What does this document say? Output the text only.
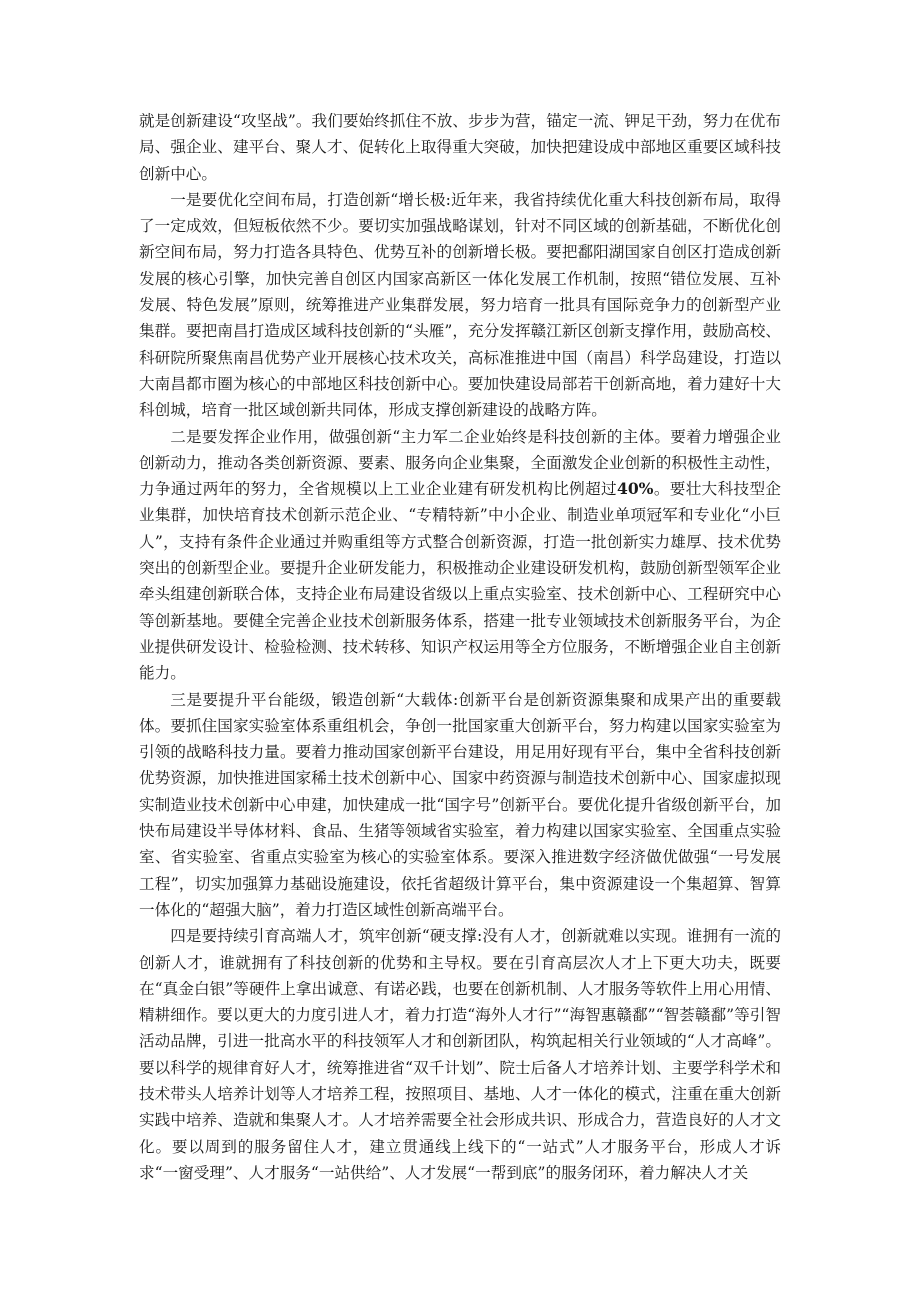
就是创新建设“攻坚战”。我们要始终抓住不放、步步为营，锚定一流、钾足干劲，努力在优布局、强企业、建平台、聚人才、促转化上取得重大突破，加快把建设成中部地区重要区域科技创新中心。

一是要优化空间布局，打造创新“增长极:近年来，我省持续优化重大科技创新布局，取得了一定成效，但短板依然不少。要切实加强战略谋划，针对不同区域的创新基础，不断优化创新空间布局，努力打造各具特色、优势互补的创新增长极。要把鄱阳湖国家自创区打造成创新发展的核心引擎，加快完善自创区内国家高新区一体化发展工作机制，按照“错位发展、互补发展、特色发展”原则，统筹推进产业集群发展，努力培育一批具有国际竞争力的创新型产业集群。要把南昌打造成区域科技创新的“头雁”，充分发挥赣江新区创新支撑作用，鼓励高校、科研院所聚焦南昌优势产业开展核心技术攻关，高标准推进中国（南昌）科学岛建设，打造以大南昌都市圈为核心的中部地区科技创新中心。要加快建设局部若干创新高地，着力建好十大科创城，培育一批区域创新共同体，形成支撑创新建设的战略方阵。

二是要发挥企业作用，做强创新“主力军二企业始终是科技创新的主体。要着力增强企业创新动力，推动各类创新资源、要素、服务向企业集聚，全面激发企业创新的积极性主动性，力争通过两年的努力，全省规模以上工业企业建有研发机构比例超过40%。要壮大科技型企业集群，加快培育技术创新示范企业、“专精特新”中小企业、制造业单项冠军和专业化“小巨人”，支持有条件企业通过并购重组等方式整合创新资源，打造一批创新实力雄厚、技术优势突出的创新型企业。要提升企业研发能力，积极推动企业建设研发机构，鼓励创新型领军企业牵头组建创新联合体，支持企业布局建设省级以上重点实验室、技术创新中心、工程研究中心等创新基地。要健全完善企业技术创新服务体系，搭建一批专业领域技术创新服务平台，为企业提供研发设计、检验检测、技术转移、知识产权运用等全方位服务，不断增强企业自主创新能力。

三是要提升平台能级，锻造创新“大载体:创新平台是创新资源集聚和成果产出的重要载体。要抓住国家实验室体系重组机会，争创一批国家重大创新平台，努力构建以国家实验室为引领的战略科技力量。要着力推动国家创新平台建设，用足用好现有平台，集中全省科技创新优势资源，加快推进国家稀土技术创新中心、国家中药资源与制造技术创新中心、国家虚拟现实制造业技术创新中心申建，加快建成一批“国字号”创新平台。要优化提升省级创新平台，加快布局建设半导体材料、食品、生猪等领域省实验室，着力构建以国家实验室、全国重点实验室、省实验室、省重点实验室为核心的实验室体系。要深入推进数字经济做优做强“一号发展工程”，切实加强算力基础设施建设，依托省超级计算平台，集中资源建设一个集超算、智算一体化的“超强大脑”，着力打造区域性创新高端平台。

四是要持续引育高端人才，筑牢创新“硬支撑:没有人才，创新就难以实现。谁拥有一流的创新人才，谁就拥有了科技创新的优势和主导权。要在引育高层次人才上下更大功夫，既要在“真金白银”等硬件上拿出诚意、有诺必践，也要在创新机制、人才服务等软件上用心用情、精耕细作。要以更大的力度引进人才，着力打造“海外人才行”“海智惠赣鄱”“智荟赣鄱”等引智活动品牌，引进一批高水平的科技领军人才和创新团队，构筑起相关行业领域的“人才高峰”。要以科学的规律育好人才，统筹推进省“双千计划”、院士后备人才培养计划、主要学科学术和技术带头人培养计划等人才培养工程，按照项目、基地、人才一体化的模式，注重在重大创新实践中培养、造就和集聚人才。人才培养需要全社会形成共识、形成合力，营造良好的人才文化。要以周到的服务留住人才，建立贯通线上线下的“一站式”人才服务平台，形成人才诉求“一窗受理”、人才服务“一站供给”、人才发展“一帮到底”的服务闭环，着力解决人才关
